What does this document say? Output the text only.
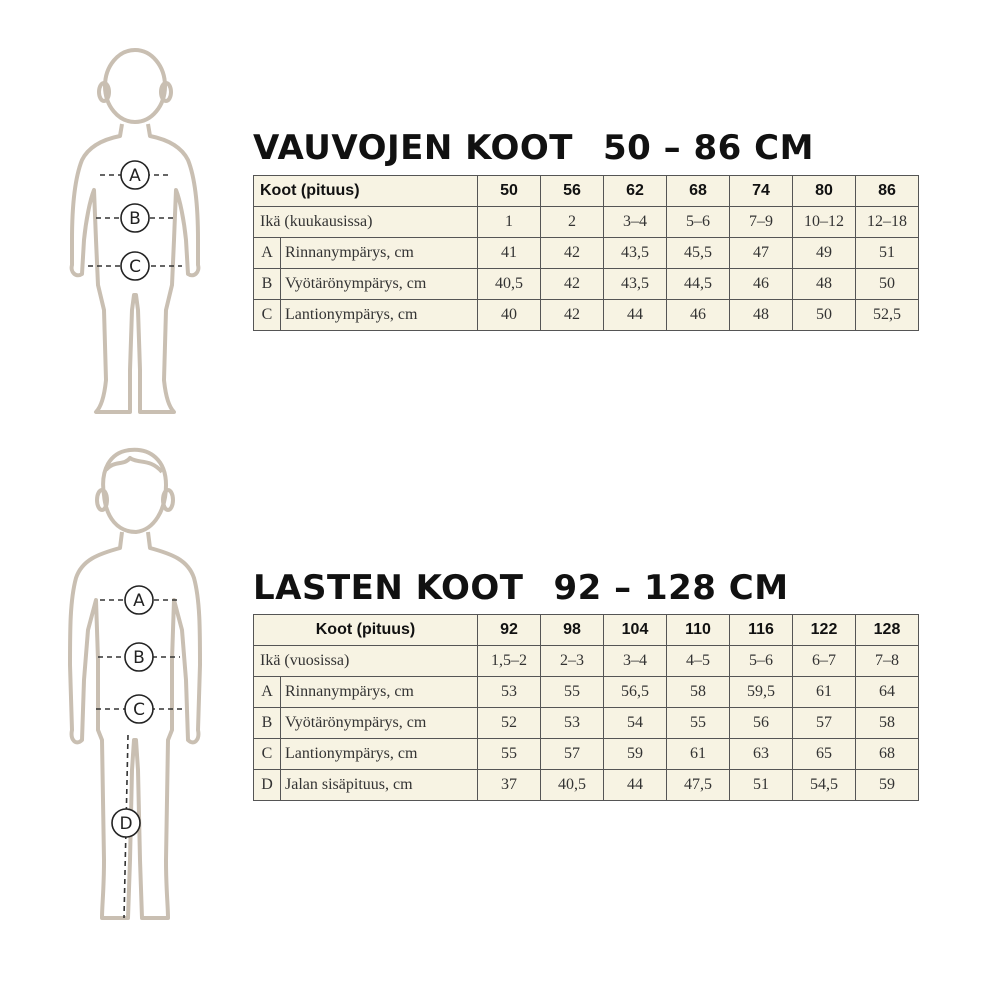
A
B
C
VAUVOJEN KOOT 50 – 86 CM
Koot (pituus)		50	56	62	68	74	80	86
Ikä (kuukausissa)		1	2	3–4	5–6	7–9	10–12	12–18
A	Rinnanympärys, cm	41	42	43,5	45,5	47	49	51
B	Vyötärönympärys, cm	40,5	42	43,5	44,5	46	48	50
C	Lantionympärys, cm	40	42	44	46	48	50	52,5
A
B
C
D
LASTEN KOOT 92 – 128 CM
Koot (pituus)		92	98	104	110	116	122	128
Ikä (vuosissa)		1,5–2	2–3	3–4	4–5	5–6	6–7	7–8
A	Rinnanympärys, cm	53	55	56,5	58	59,5	61	64
B	Vyötärönympärys, cm	52	53	54	55	56	57	58
C	Lantionympärys, cm	55	57	59	61	63	65	68
D	Jalan sisäpituus, cm	37	40,5	44	47,5	51	54,5	59
